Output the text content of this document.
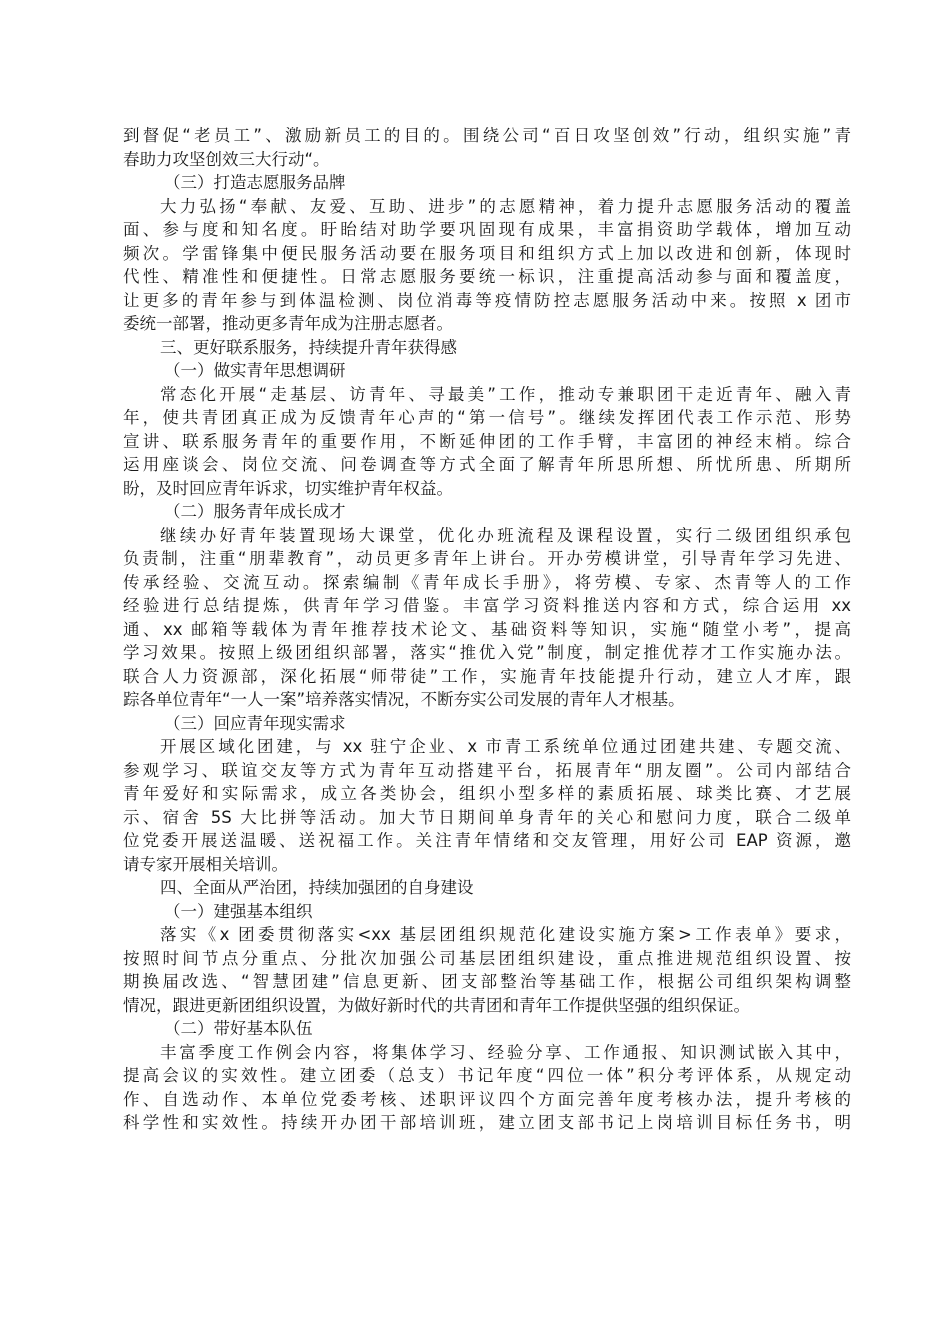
到督促“老员工”、激励新员工的目的。围绕公司“百日攻坚创效”行动，组织实施”青
春助力攻坚创效三大行动“。
（三）打造志愿服务品牌
大力弘扬“奉献、友爱、互助、进步”的志愿精神，着力提升志愿服务活动的覆盖
面、参与度和知名度。盱眙结对助学要巩固现有成果，丰富捐资助学载体，增加互动
频次。学雷锋集中便民服务活动要在服务项目和组织方式上加以改进和创新，体现时
代性、精准性和便捷性。日常志愿服务要统一标识，注重提高活动参与面和覆盖度，
让更多的青年参与到体温检测、岗位消毒等疫情防控志愿服务活动中来。按照 x 团市
委统一部署，推动更多青年成为注册志愿者。
三、更好联系服务，持续提升青年获得感
（一）做实青年思想调研
常态化开展“走基层、访青年、寻最美”工作，推动专兼职团干走近青年、融入青
年，使共青团真正成为反馈青年心声的“第一信号”。继续发挥团代表工作示范、形势
宣讲、联系服务青年的重要作用，不断延伸团的工作手臂，丰富团的神经末梢。综合
运用座谈会、岗位交流、问卷调查等方式全面了解青年所思所想、所忧所患、所期所
盼，及时回应青年诉求，切实维护青年权益。
（二）服务青年成长成才
继续办好青年装置现场大课堂，优化办班流程及课程设置，实行二级团组织承包
负责制，注重“朋辈教育”，动员更多青年上讲台。开办劳模讲堂，引导青年学习先进、
传承经验、交流互动。探索编制《青年成长手册》，将劳模、专家、杰青等人的工作
经验进行总结提炼，供青年学习借鉴。丰富学习资料推送内容和方式，综合运用 xx
通、xx 邮箱等载体为青年推荐技术论文、基础资料等知识，实施“随堂小考”，提高
学习效果。按照上级团组织部署，落实“推优入党”制度，制定推优荐才工作实施办法。
联合人力资源部，深化拓展“师带徒”工作，实施青年技能提升行动，建立人才库，跟
踪各单位青年“一人一案”培养落实情况，不断夯实公司发展的青年人才根基。
（三）回应青年现实需求
开展区域化团建，与 xx 驻宁企业、x 市青工系统单位通过团建共建、专题交流、
参观学习、联谊交友等方式为青年互动搭建平台，拓展青年“朋友圈”。公司内部结合
青年爱好和实际需求，成立各类协会，组织小型多样的素质拓展、球类比赛、才艺展
示、宿舍 5S 大比拼等活动。加大节日期间单身青年的关心和慰问力度，联合二级单
位党委开展送温暖、送祝福工作。关注青年情绪和交友管理，用好公司 EAP 资源，邀
请专家开展相关培训。
四、全面从严治团，持续加强团的自身建设
（一）建强基本组织
落实《x 团委贯彻落实<xx 基层团组织规范化建设实施方案>工作表单》要求，
按照时间节点分重点、分批次加强公司基层团组织建设，重点推进规范组织设置、按
期换届改选、“智慧团建”信息更新、团支部整治等基础工作，根据公司组织架构调整
情况，跟进更新团组织设置，为做好新时代的共青团和青年工作提供坚强的组织保证。
（二）带好基本队伍
丰富季度工作例会内容，将集体学习、经验分享、工作通报、知识测试嵌入其中，
提高会议的实效性。建立团委（总支）书记年度“四位一体”积分考评体系，从规定动
作、自选动作、本单位党委考核、述职评议四个方面完善年度考核办法，提升考核的
科学性和实效性。持续开办团干部培训班，建立团支部书记上岗培训目标任务书，明
